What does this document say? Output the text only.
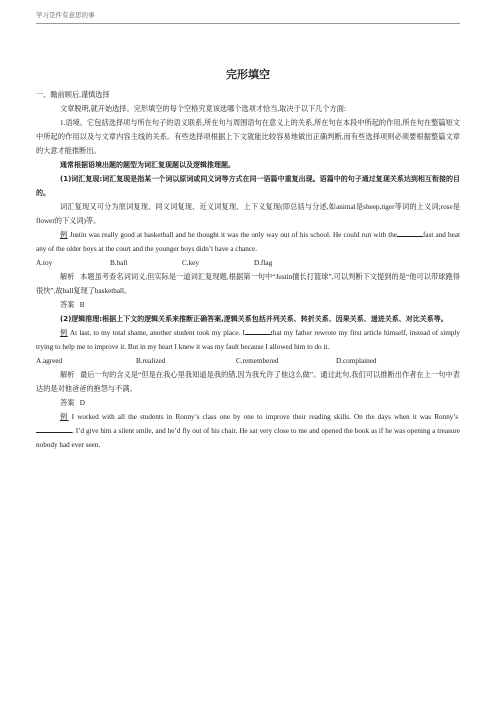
学习是件有意思的事
完形填空

一、瞻前顾后,谨慎选择

文章脱明,就开始选择。完形填空的每个空格究竟该选哪个选项才恰当,取决于以下几个方面:

1.语境。它包括选择项与所在句子的语义联系,所在句与周围语句在意义上的关系,所在句在本段中所起的作用,所在句在整篇短文中所起的作用以及与文章内容主线的关系。有些选择项根据上下文就能比较容易地做出正确判断,而有些选择项则必须要根据整篇文章的大意才能推断出。

通常根据语境出题的题型为词汇复现题以及逻辑推理题。

(1)词汇复现:词汇复现是指某一个词以原词或同义词等方式在同一语篇中重复出现。语篇中的句子通过复现关系达到相互衔接的目的。

词汇复现又可分为原词复现、同义词复现、近义词复现、上下义复现(即总括与分述,如animal是sheep,tiger等词的上义词;rose是flower的下义词)等。

例 Justin was really good at basketball and he thought it was the only way out of his school. He could run with the	fast and beat any of the older boys at the court and the younger boys didn’t have a chance.

A.toy	B.ball	C.key	D.flag

解析 本题虽考查名词词义,但实际是一道词汇复现题,根据第一句中“Justin擅长打篮球”,可以判断下文提到的是“他可以带球跑得很快”,故ball复现了basketball。

答案 B

(2)逻辑推理:根据上下文的逻辑关系来推断正确答案,逻辑关系包括并列关系、转折关系、因果关系、递进关系、对比关系等。

例 At last, to my total shame, another student took my place. I	that my father rewrote my first article himself, instead of simply trying to help me to improve it. But in my heart I knew it was my fault because I allowed him to do it.

A.agreed	B.realized	C.remembered	D.complained

解析 最后一句的含义是“但是在我心里我知道是我的错,因为我允许了他这么做”。通过此句,我们可以推断出作者在上一句中表达的是对他爸爸的抱怨与不满。

答案 D

例 I worked with all the students in Ronny’s class one by one to improve their reading skills. On the days when it was Ronny’s , I’d give him a silent smile, and he’d fly out of his chair. He sat very close to me and opened the book as if he was opening a treasure nobody had ever seen.
